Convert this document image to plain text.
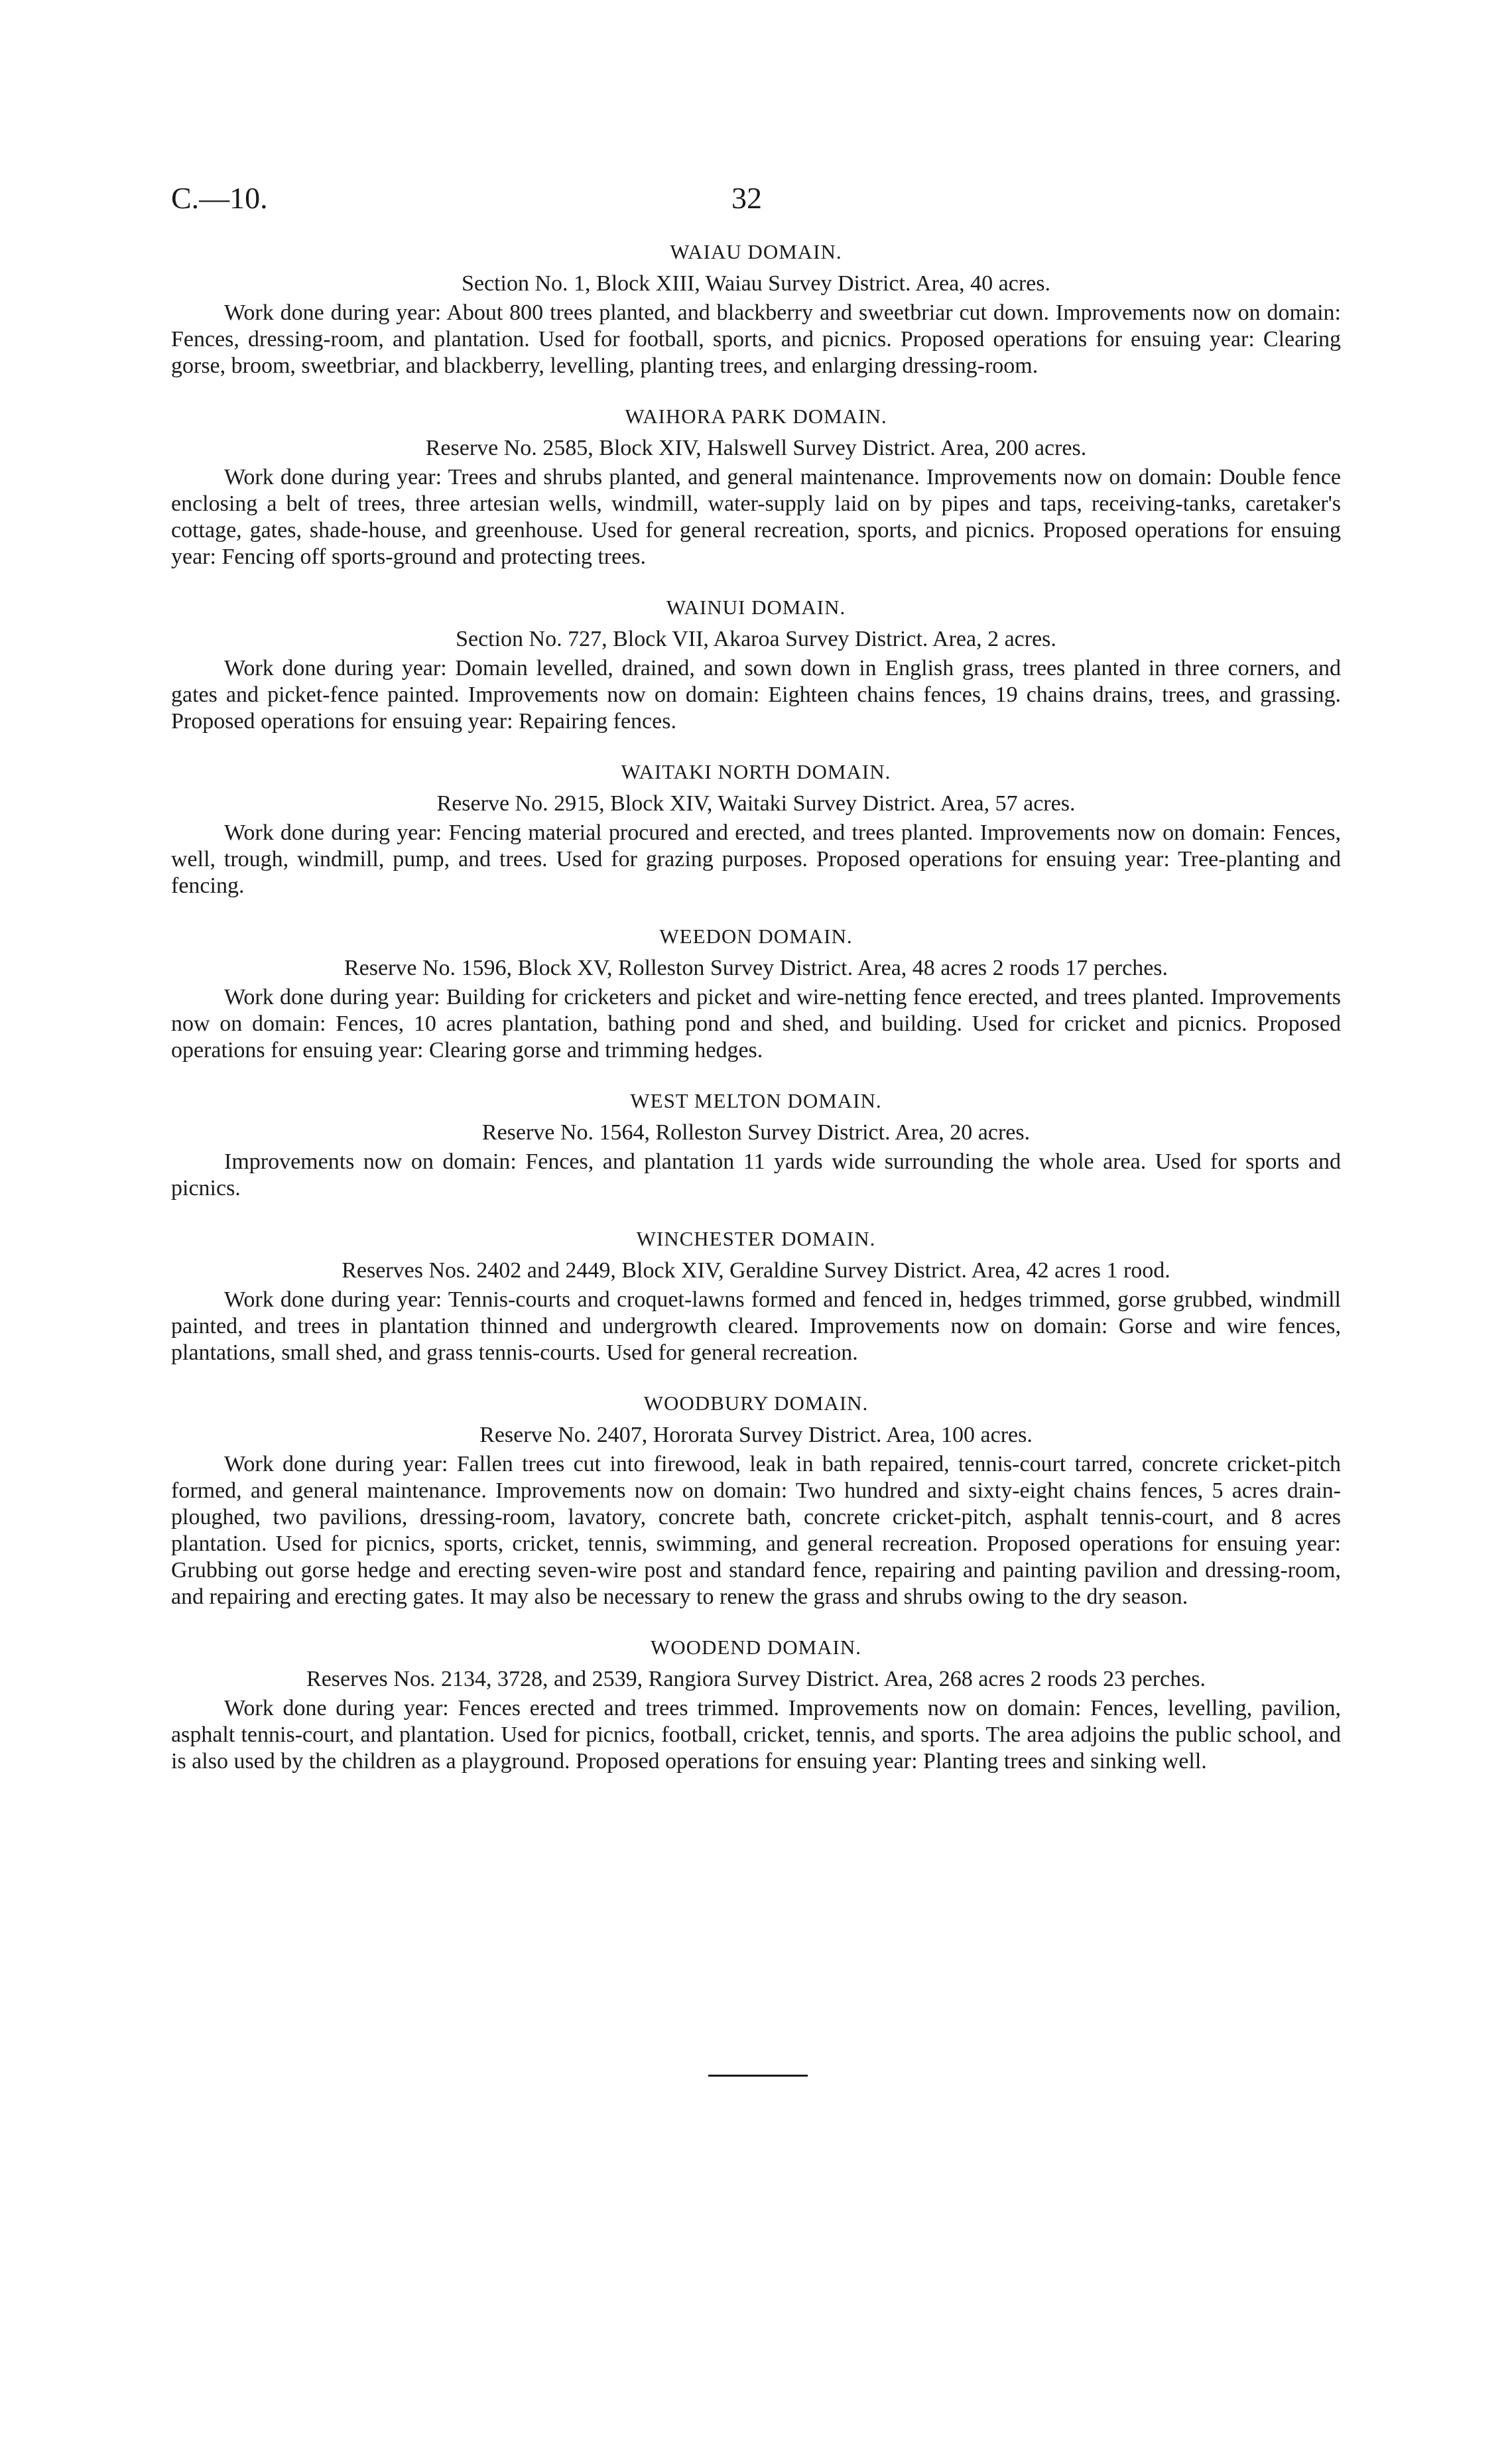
C.—10.	32
WAIAU DOMAIN.
Section No. 1, Block XIII, Waiau Survey District. Area, 40 acres.

Work done during year: About 800 trees planted, and blackberry and sweetbriar cut down. Improvements now on domain: Fences, dressing-room, and plantation. Used for football, sports, and picnics. Proposed operations for ensuing year: Clearing gorse, broom, sweetbriar, and blackberry, levelling, planting trees, and enlarging dressing-room.

WAIHORA PARK DOMAIN.
Reserve No. 2585, Block XIV, Halswell Survey District. Area, 200 acres.

Work done during year: Trees and shrubs planted, and general maintenance. Improvements now on domain: Double fence enclosing a belt of trees, three artesian wells, windmill, water-supply laid on by pipes and taps, receiving-tanks, caretaker's cottage, gates, shade-house, and greenhouse. Used for general recreation, sports, and picnics. Proposed operations for ensuing year: Fencing off sports-ground and protecting trees.

WAINUI DOMAIN.
Section No. 727, Block VII, Akaroa Survey District. Area, 2 acres.

Work done during year: Domain levelled, drained, and sown down in English grass, trees planted in three corners, and gates and picket-fence painted. Improvements now on domain: Eighteen chains fences, 19 chains drains, trees, and grassing. Proposed operations for ensuing year: Repairing fences.

WAITAKI NORTH DOMAIN.
Reserve No. 2915, Block XIV, Waitaki Survey District. Area, 57 acres.

Work done during year: Fencing material procured and erected, and trees planted. Improvements now on domain: Fences, well, trough, windmill, pump, and trees. Used for grazing purposes. Proposed operations for ensuing year: Tree-planting and fencing.

WEEDON DOMAIN.
Reserve No. 1596, Block XV, Rolleston Survey District. Area, 48 acres 2 roods 17 perches.

Work done during year: Building for cricketers and picket and wire-netting fence erected, and trees planted. Improvements now on domain: Fences, 10 acres plantation, bathing pond and shed, and building. Used for cricket and picnics. Proposed operations for ensuing year: Clearing gorse and trimming hedges.

WEST MELTON DOMAIN.
Reserve No. 1564, Rolleston Survey District. Area, 20 acres.

Improvements now on domain: Fences, and plantation 11 yards wide surrounding the whole area. Used for sports and picnics.

WINCHESTER DOMAIN.
Reserves Nos. 2402 and 2449, Block XIV, Geraldine Survey District. Area, 42 acres 1 rood.

Work done during year: Tennis-courts and croquet-lawns formed and fenced in, hedges trimmed, gorse grubbed, windmill painted, and trees in plantation thinned and undergrowth cleared. Improvements now on domain: Gorse and wire fences, plantations, small shed, and grass tennis-courts. Used for general recreation.

WOODBURY DOMAIN.
Reserve No. 2407, Hororata Survey District. Area, 100 acres.

Work done during year: Fallen trees cut into firewood, leak in bath repaired, tennis-court tarred, concrete cricket-pitch formed, and general maintenance. Improvements now on domain: Two hundred and sixty-eight chains fences, 5 acres drain-ploughed, two pavilions, dressing-room, lavatory, concrete bath, concrete cricket-pitch, asphalt tennis-court, and 8 acres plantation. Used for picnics, sports, cricket, tennis, swimming, and general recreation. Proposed operations for ensuing year: Grubbing out gorse hedge and erecting seven-wire post and standard fence, repairing and painting pavilion and dressing-room, and repairing and erecting gates. It may also be necessary to renew the grass and shrubs owing to the dry season.

WOODEND DOMAIN.
Reserves Nos. 2134, 3728, and 2539, Rangiora Survey District. Area, 268 acres 2 roods 23 perches.

Work done during year: Fences erected and trees trimmed. Improvements now on domain: Fences, levelling, pavilion, asphalt tennis-court, and plantation. Used for picnics, football, cricket, tennis, and sports. The area adjoins the public school, and is also used by the children as a playground. Proposed operations for ensuing year: Planting trees and sinking well.
